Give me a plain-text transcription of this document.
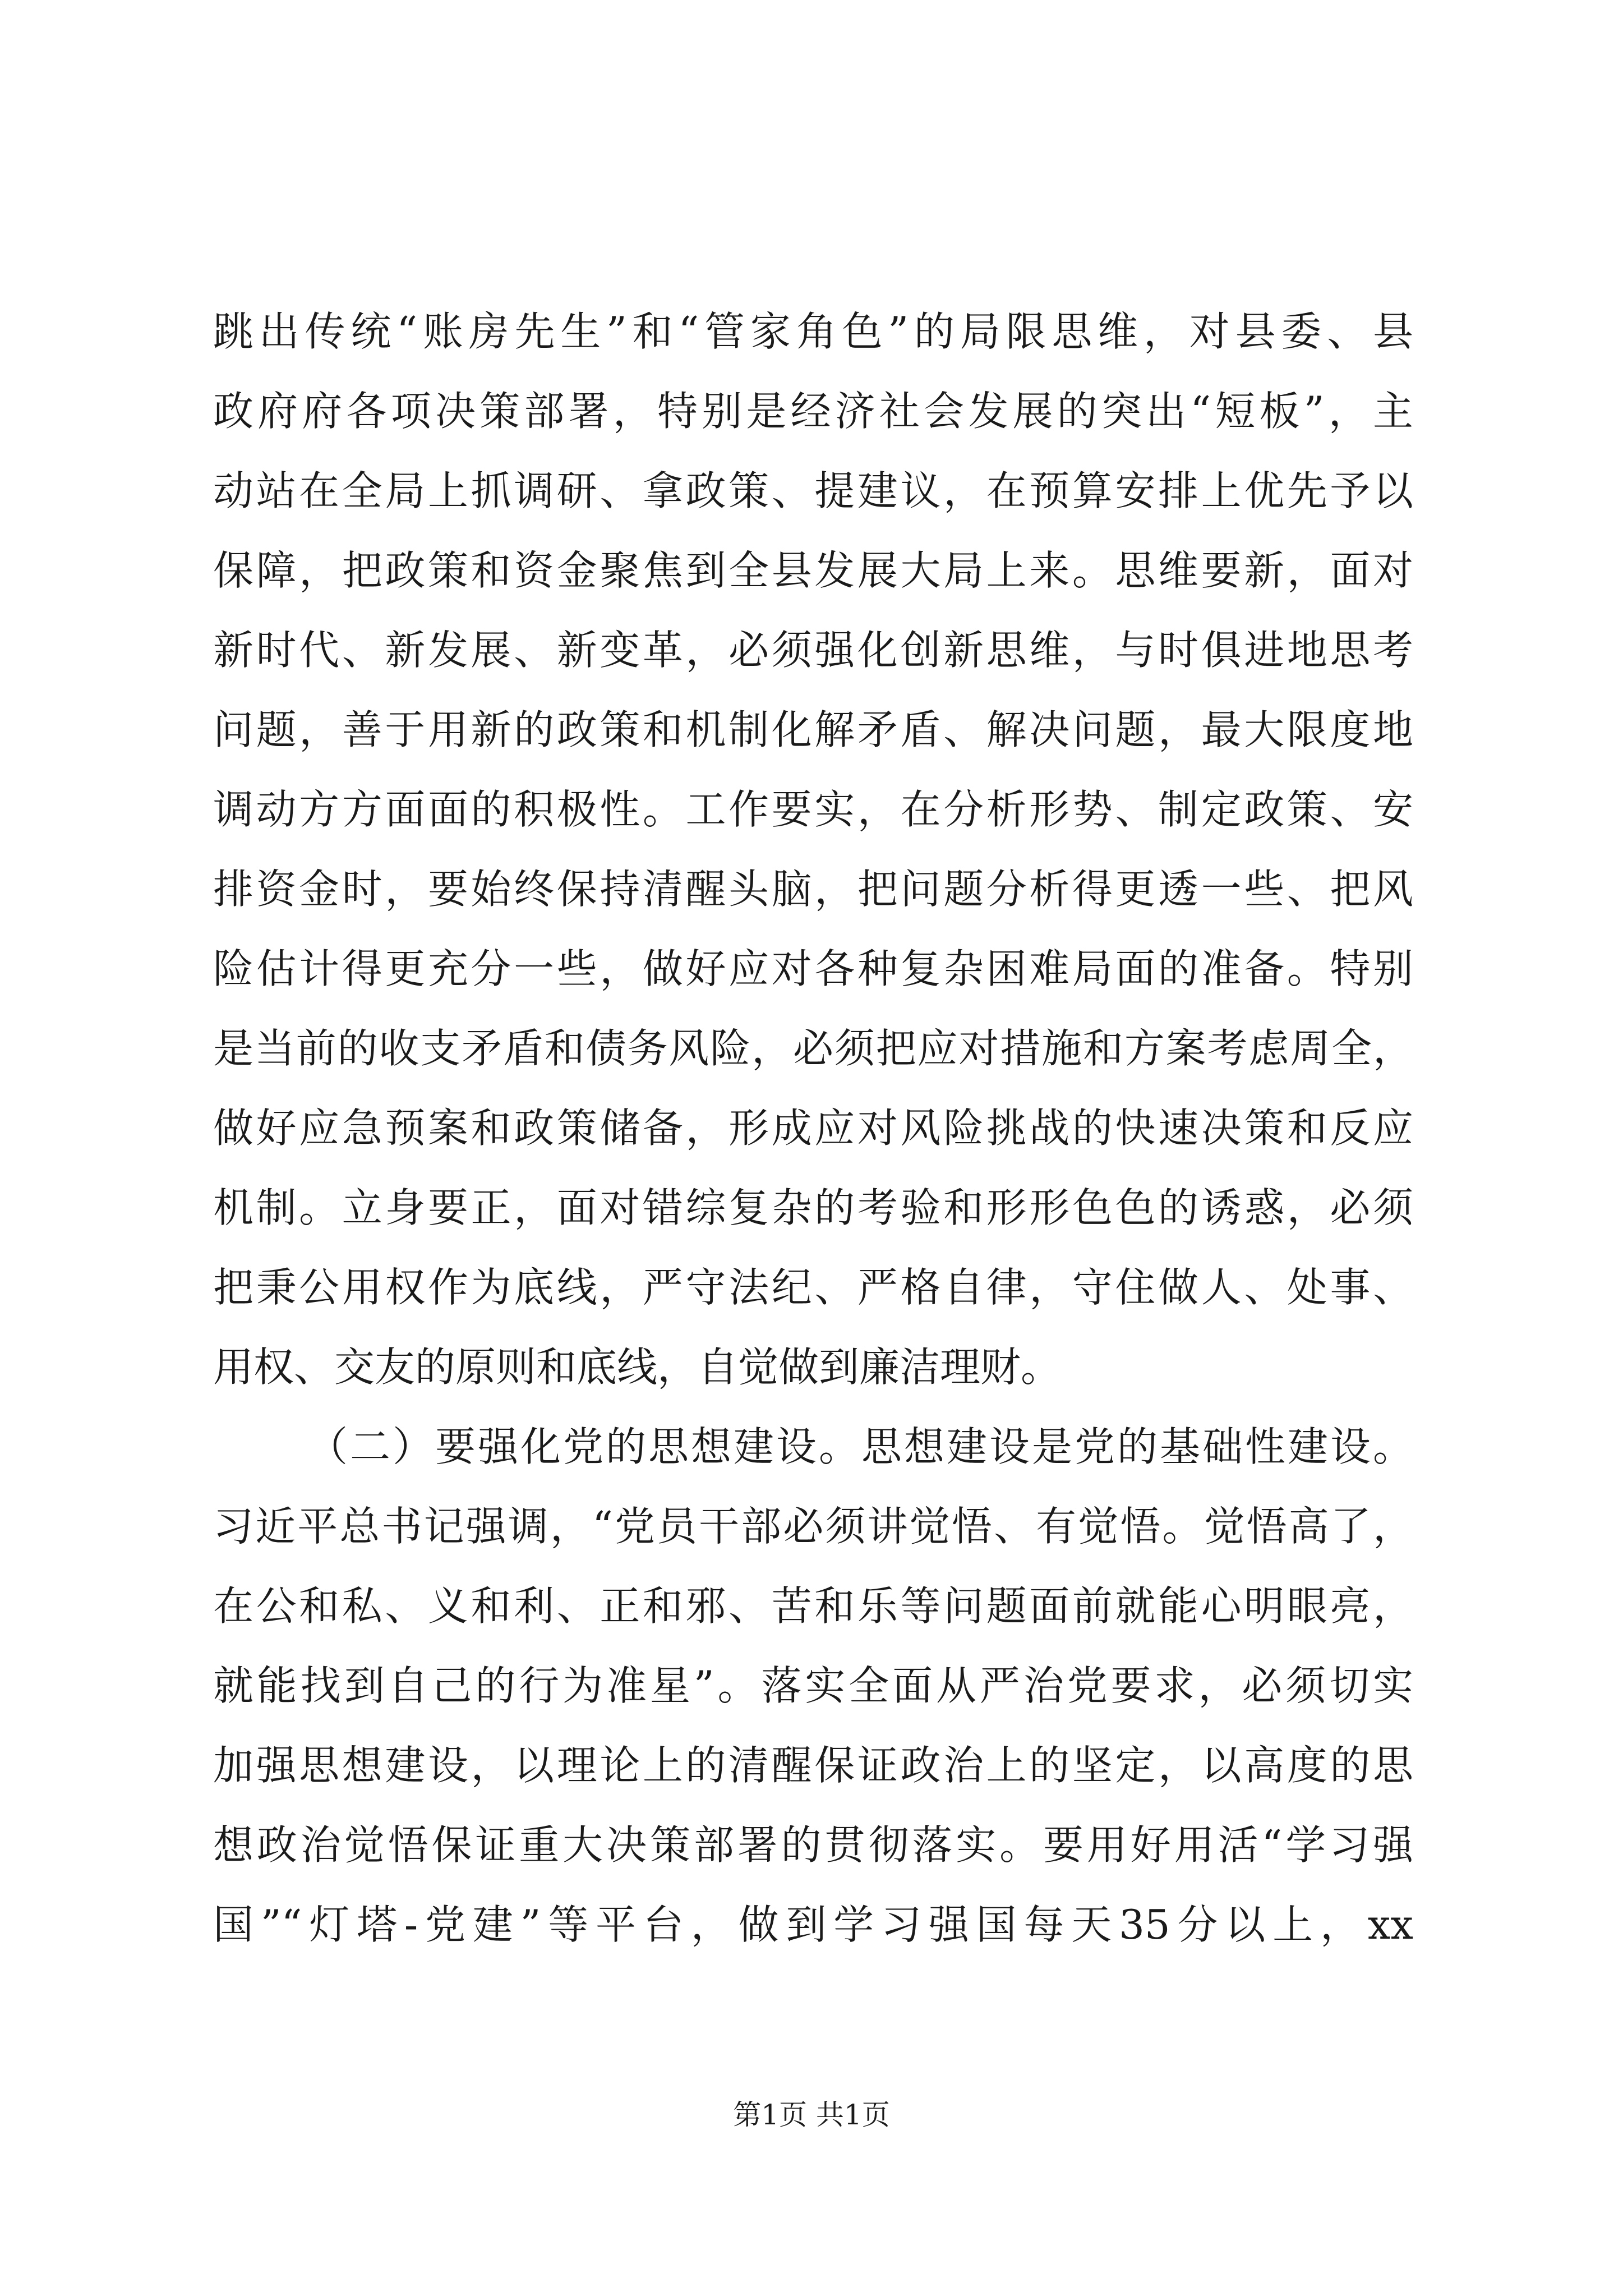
跳出传统“账房先生”和“管家角色”的局限思维，对县委、县
政府府各项决策部署，特别是经济社会发展的突出“短板”，主
动站在全局上抓调研、拿政策、提建议，在预算安排上优先予以
保障，把政策和资金聚焦到全县发展大局上来。思维要新，面对
新时代、新发展、新变革，必须强化创新思维，与时俱进地思考
问题，善于用新的政策和机制化解矛盾、解决问题，最大限度地
调动方方面面的积极性。工作要实，在分析形势、制定政策、安
排资金时，要始终保持清醒头脑，把问题分析得更透一些、把风
险估计得更充分一些，做好应对各种复杂困难局面的准备。特别
是当前的收支矛盾和债务风险，必须把应对措施和方案考虑周全，
做好应急预案和政策储备，形成应对风险挑战的快速决策和反应
机制。立身要正，面对错综复杂的考验和形形色色的诱惑，必须
把秉公用权作为底线，严守法纪、严格自律，守住做人、处事、
用权、交友的原则和底线，自觉做到廉洁理财。
（二）要强化党的思想建设。思想建设是党的基础性建设。
习近平总书记强调，“党员干部必须讲觉悟、有觉悟。觉悟高了，
在公和私、义和利、正和邪、苦和乐等问题面前就能心明眼亮，
就能找到自己的行为准星”。落实全面从严治党要求，必须切实
加强思想建设，以理论上的清醒保证政治上的坚定，以高度的思
想政治觉悟保证重大决策部署的贯彻落实。要用好用活“学习强
国”“灯塔-党建”等平台，做到学习强国每天35分以上，xx
第1页 共1页
